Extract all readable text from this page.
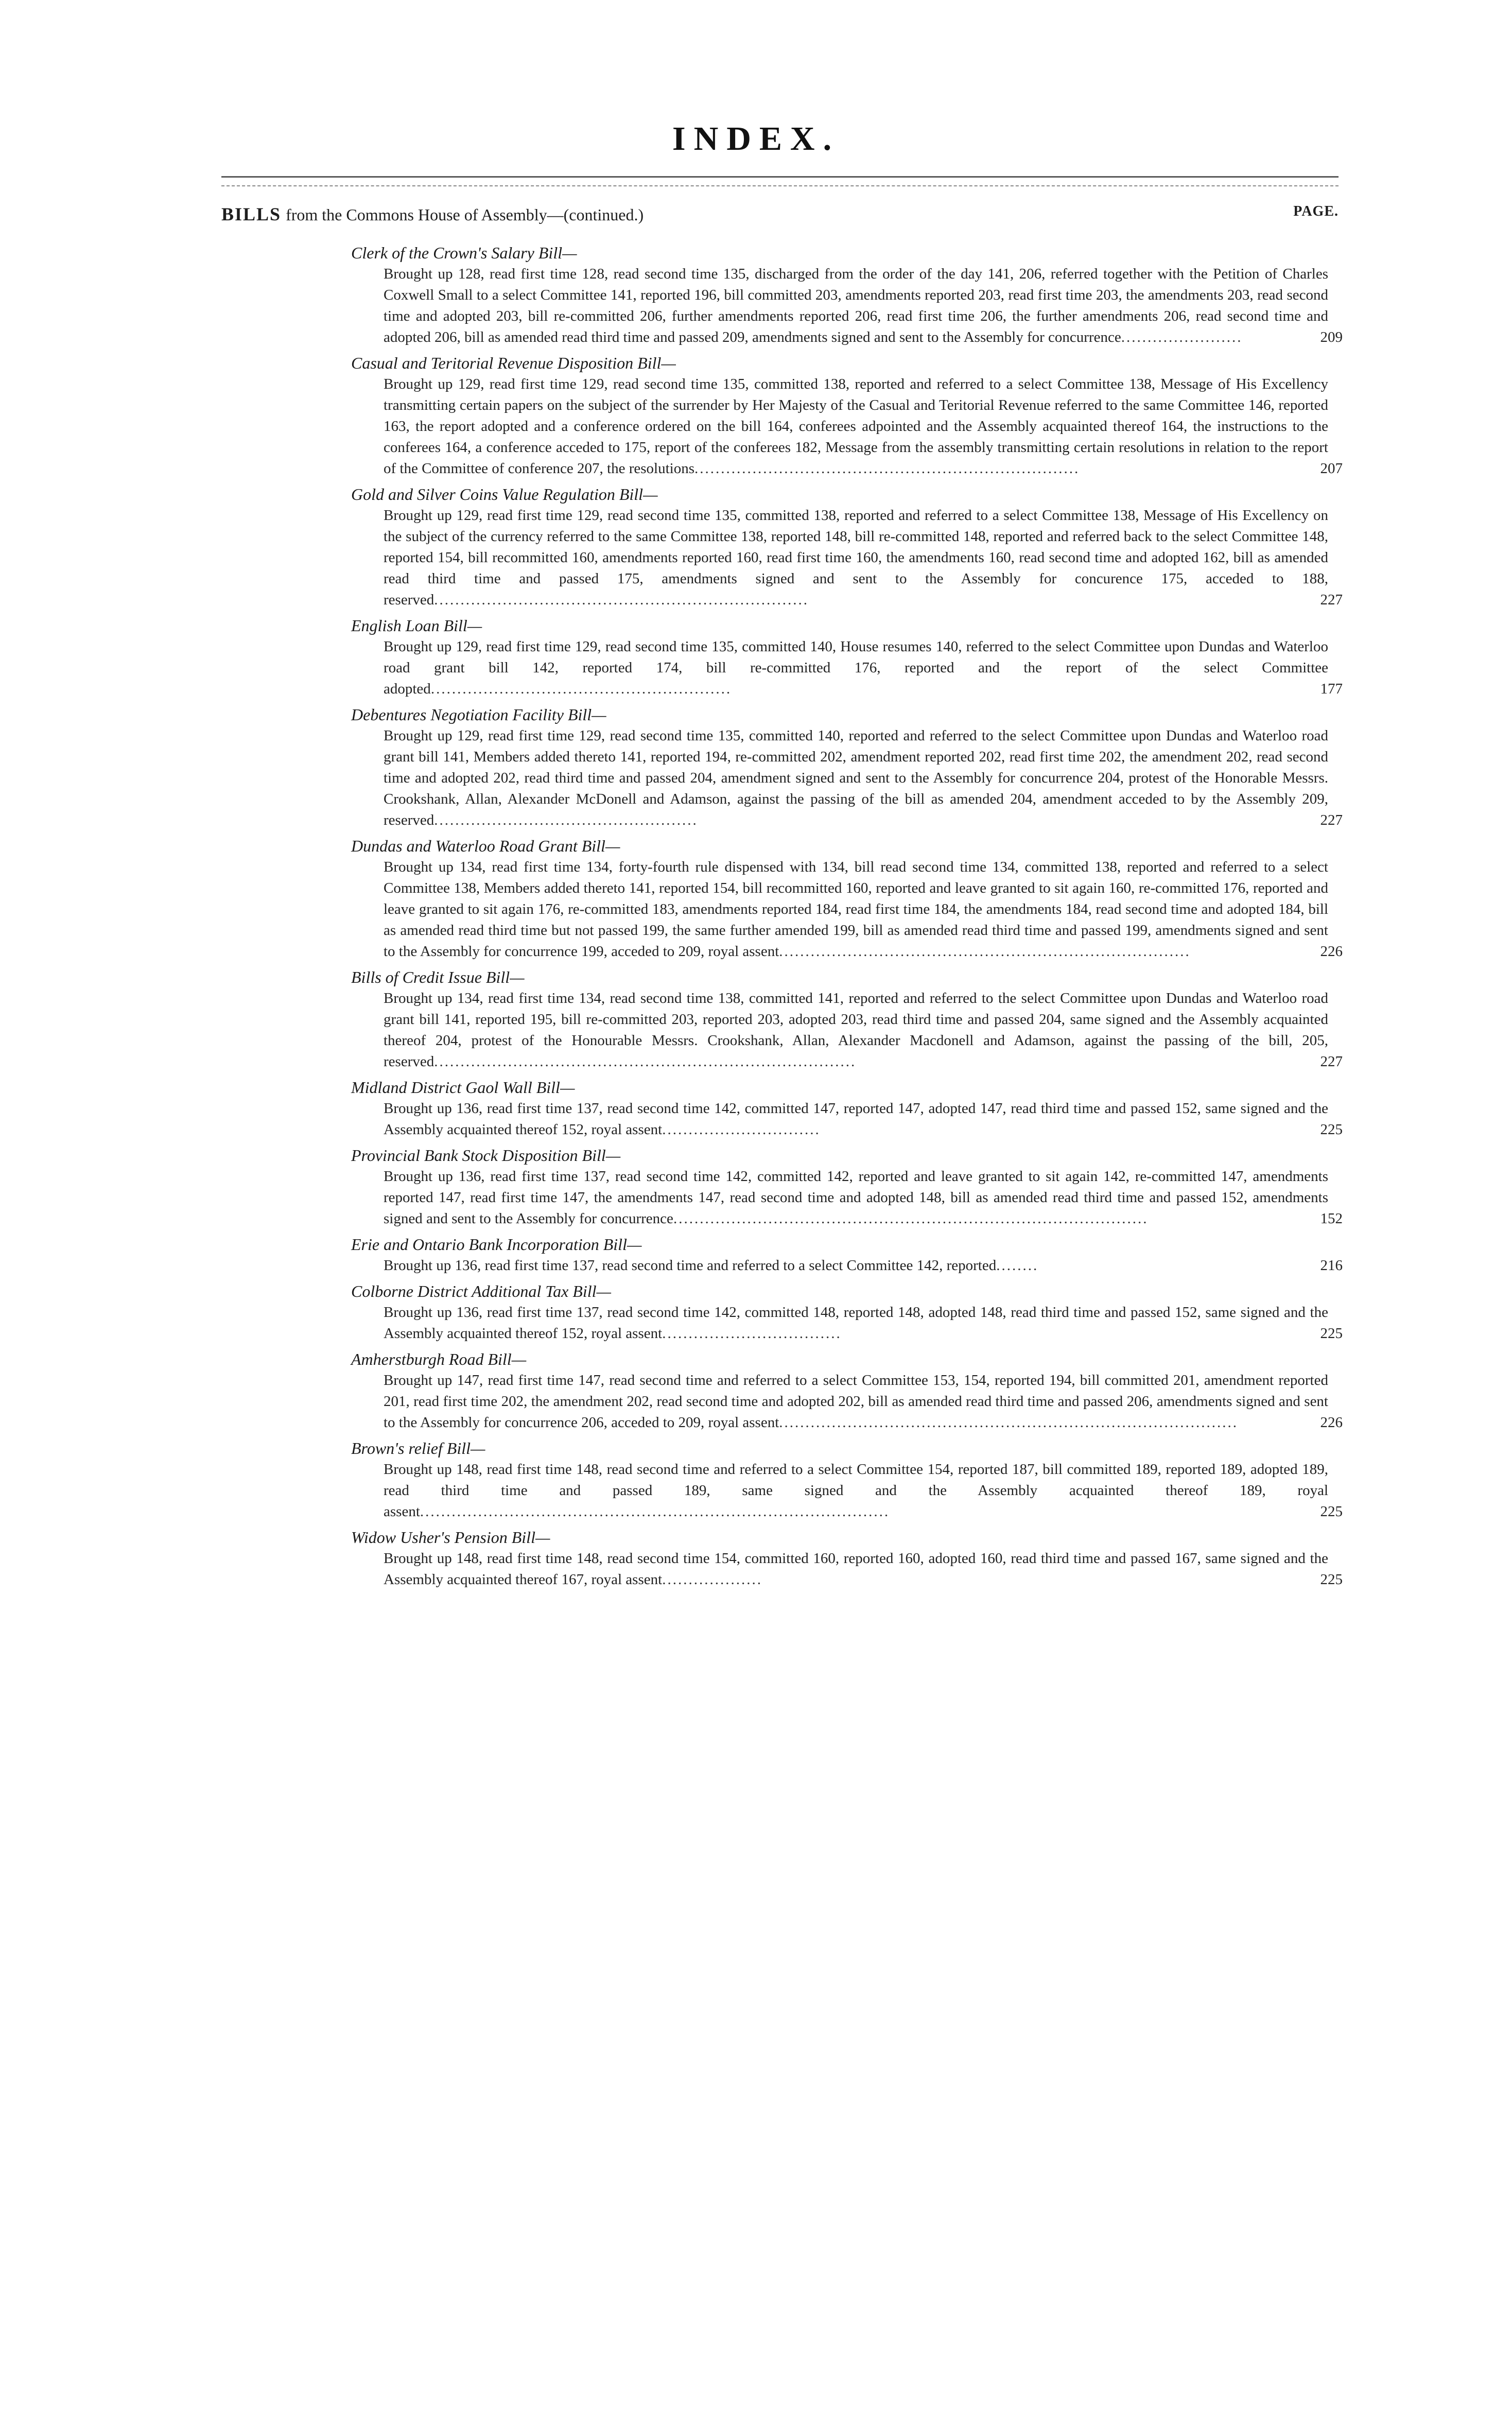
INDEX.
BILLS from the Commons House of Assembly—(continued.)	PAGE.
Clerk of the Crown's Salary Bill—
Brought up 128, read first time 128, read second time 135, discharged from the order of the day 141, 206, referred together with the Petition of Charles Coxwell Small to a select Committee 141, reported 196, bill committed 203, amendments reported 203, read first time 203, the amendments 203, read second time and adopted 203, bill re-committed 206, further amendments reported 206, read first time 206, the further amendments 206, read second time and adopted 206, bill as amended read third time and passed 209, amendments signed and sent to the Assembly for concurrence.......................	209
Casual and Teritorial Revenue Disposition Bill—
Brought up 129, read first time 129, read second time 135, committed 138, reported and referred to a select Committee 138, Message of His Excellency transmitting certain papers on the subject of the surrender by Her Majesty of the Casual and Teritorial Revenue referred to the same Committee 146, reported 163, the report adopted and a conference ordered on the bill 164, conferees adpointed and the Assembly acquainted thereof 164, the instructions to the conferees 164, a conference acceded to 175, report of the conferees 182, Message from the assembly transmitting certain resolutions in relation to the report of the Committee of conference 207, the resolutions.........................................................................	207
Gold and Silver Coins Value Regulation Bill—
Brought up 129, read first time 129, read second time 135, committed 138, reported and referred to a select Committee 138, Message of His Excellency on the subject of the currency referred to the same Committee 138, reported 148, bill re-committed 148, reported and referred back to the select Committee 148, reported 154, bill recommitted 160, amendments reported 160, read first time 160, the amendments 160, read second time and adopted 162, bill as amended read third time and passed 175, amendments signed and sent to the Assembly for concurence 175, acceded to 188, reserved.......................................................................	227
English Loan Bill—
Brought up 129, read first time 129, read second time 135, committed 140, House resumes 140, referred to the select Committee upon Dundas and Waterloo road grant bill 142, reported 174, bill re-committed 176, reported and the report of the select Committee adopted.........................................................	177
Debentures Negotiation Facility Bill—
Brought up 129, read first time 129, read second time 135, committed 140, reported and referred to the select Committee upon Dundas and Waterloo road grant bill 141, Members added thereto 141, reported 194, re-committed 202, amendment reported 202, read first time 202, the amendment 202, read second time and adopted 202, read third time and passed 204, amendment signed and sent to the Assembly for concurrence 204, protest of the Honorable Messrs. Crookshank, Allan, Alexander McDonell and Adamson, against the passing of the bill as amended 204, amendment acceded to by the Assembly 209, reserved..................................................	227
Dundas and Waterloo Road Grant Bill—
Brought up 134, read first time 134, forty-fourth rule dispensed with 134, bill read second time 134, committed 138, reported and referred to a select Committee 138, Members added thereto 141, reported 154, bill recommitted 160, reported and leave granted to sit again 160, re-committed 176, reported and leave granted to sit again 176, re-committed 183, amendments reported 184, read first time 184, the amendments 184, read second time and adopted 184, bill as amended read third time but not passed 199, the same further amended 199, bill as amended read third time and passed 199, amendments signed and sent to the Assembly for concurrence 199, acceded to 209, royal assent..............................................................................	226
Bills of Credit Issue Bill—
Brought up 134, read first time 134, read second time 138, committed 141, reported and referred to the select Committee upon Dundas and Waterloo road grant bill 141, reported 195, bill re-committed 203, reported 203, adopted 203, read third time and passed 204, same signed and the Assembly acquainted thereof 204, protest of the Honourable Messrs. Crookshank, Allan, Alexander Macdonell and Adamson, against the passing of the bill, 205, reserved................................................................................	227
Midland District Gaol Wall Bill—
Brought up 136, read first time 137, read second time 142, committed 147, reported 147, adopted 147, read third time and passed 152, same signed and the Assembly acquainted thereof 152, royal assent..............................	225
Provincial Bank Stock Disposition Bill—
Brought up 136, read first time 137, read second time 142, committed 142, reported and leave granted to sit again 142, re-committed 147, amendments reported 147, read first time 147, the amendments 147, read second time and adopted 148, bill as amended read third time and passed 152, amendments signed and sent to the Assembly for concurrence..........................................................................................	152
Erie and Ontario Bank Incorporation Bill—
Brought up 136, read first time 137, read second time and referred to a select Committee 142, reported........	216
Colborne District Additional Tax Bill—
Brought up 136, read first time 137, read second time 142, committed 148, reported 148, adopted 148, read third time and passed 152, same signed and the Assembly acquainted thereof 152, royal assent..................................	225
Amherstburgh Road Bill—
Brought up 147, read first time 147, read second time and referred to a select Committee 153, 154, reported 194, bill committed 201, amendment reported 201, read first time 202, the amendment 202, read second time and adopted 202, bill as amended read third time and passed 206, amendments signed and sent to the Assembly for concurrence 206, acceded to 209, royal assent.......................................................................................	226
Brown's relief Bill—
Brought up 148, read first time 148, read second time and referred to a select Committee 154, reported 187, bill committed 189, reported 189, adopted 189, read third time and passed 189, same signed and the Assembly acquainted thereof 189, royal assent.........................................................................................	225
Widow Usher's Pension Bill—
Brought up 148, read first time 148, read second time 154, committed 160, reported 160, adopted 160, read third time and passed 167, same signed and the Assembly acquainted thereof 167, royal assent...................	225
